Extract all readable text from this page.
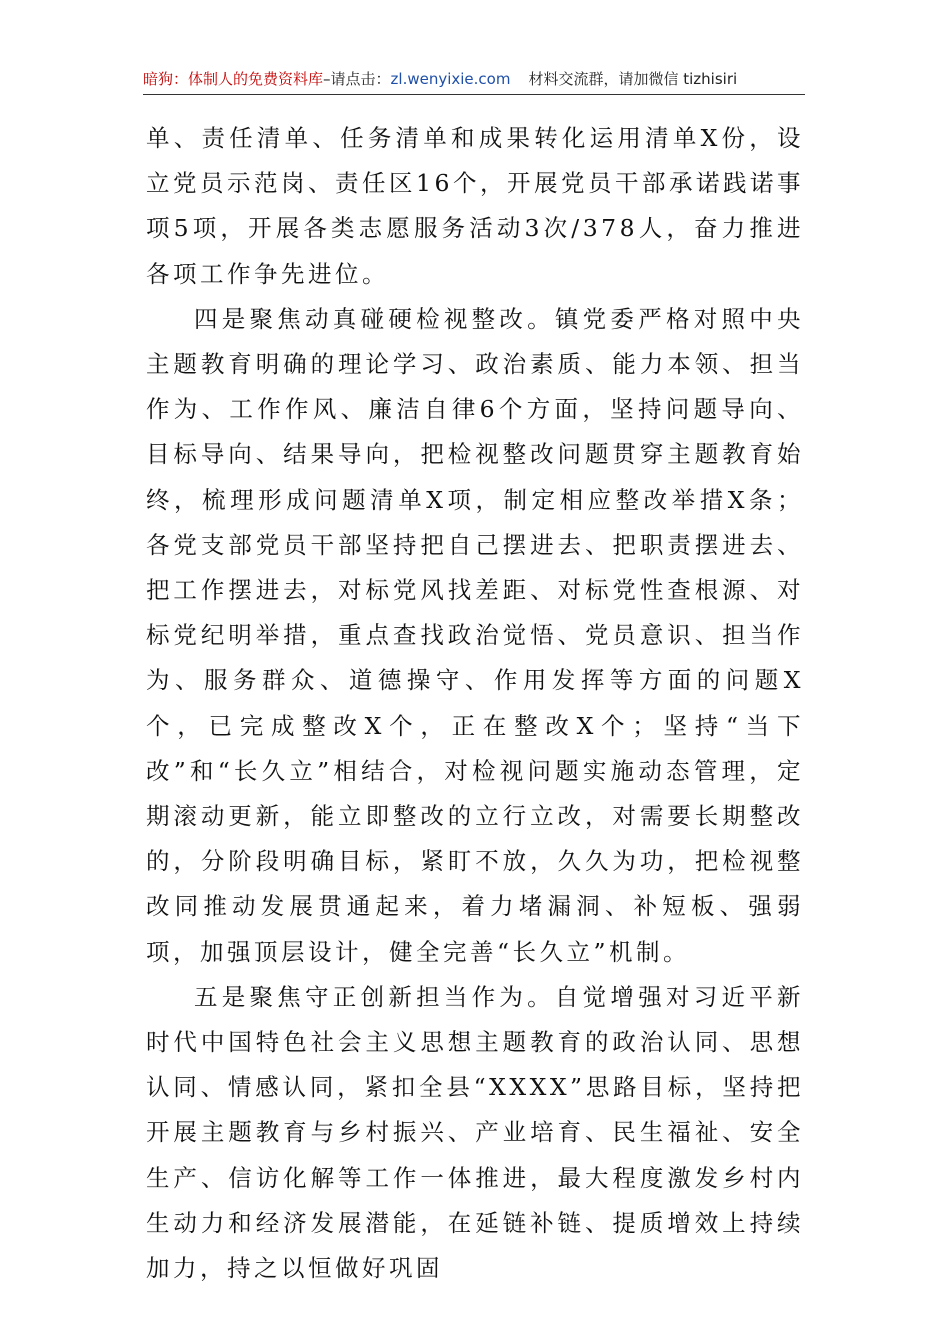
暗狗：体制人的免费资料库–请点击：zl.wenyixie.com 材料交流群，请加微信 tizhisiri

单、责任清单、任务清单和成果转化运用清单X份，设立党员示范岗、责任区16个，开展党员干部承诺践诺事项5项，开展各类志愿服务活动3次/378人，奋力推进各项工作争先进位。

四是聚焦动真碰硬检视整改。镇党委严格对照中央主题教育明确的理论学习、政治素质、能力本领、担当作为、工作作风、廉洁自律6个方面，坚持问题导向、目标导向、结果导向，把检视整改问题贯穿主题教育始终，梳理形成问题清单X项，制定相应整改举措X条；各党支部党员干部坚持把自己摆进去、把职责摆进去、把工作摆进去，对标党风找差距、对标党性查根源、对标党纪明举措，重点查找政治觉悟、党员意识、担当作为、服务群众、道德操守、作用发挥等方面的问题X个，已完成整改X个，正在整改X个；坚持“当下改”和“长久立”相结合，对检视问题实施动态管理，定期滚动更新，能立即整改的立行立改，对需要长期整改的，分阶段明确目标，紧盯不放，久久为功，把检视整改同推动发展贯通起来，着力堵漏洞、补短板、强弱项，加强顶层设计，健全完善“长久立”机制。

五是聚焦守正创新担当作为。自觉增强对习近平新时代中国特色社会主义思想主题教育的政治认同、思想认同、情感认同，紧扣全县“XXXX”思路目标，坚持把开展主题教育与乡村振兴、产业培育、民生福祉、安全生产、信访化解等工作一体推进，最大程度激发乡村内生动力和经济发展潜能，在延链补链、提质增效上持续加力，持之以恒做好巩固
